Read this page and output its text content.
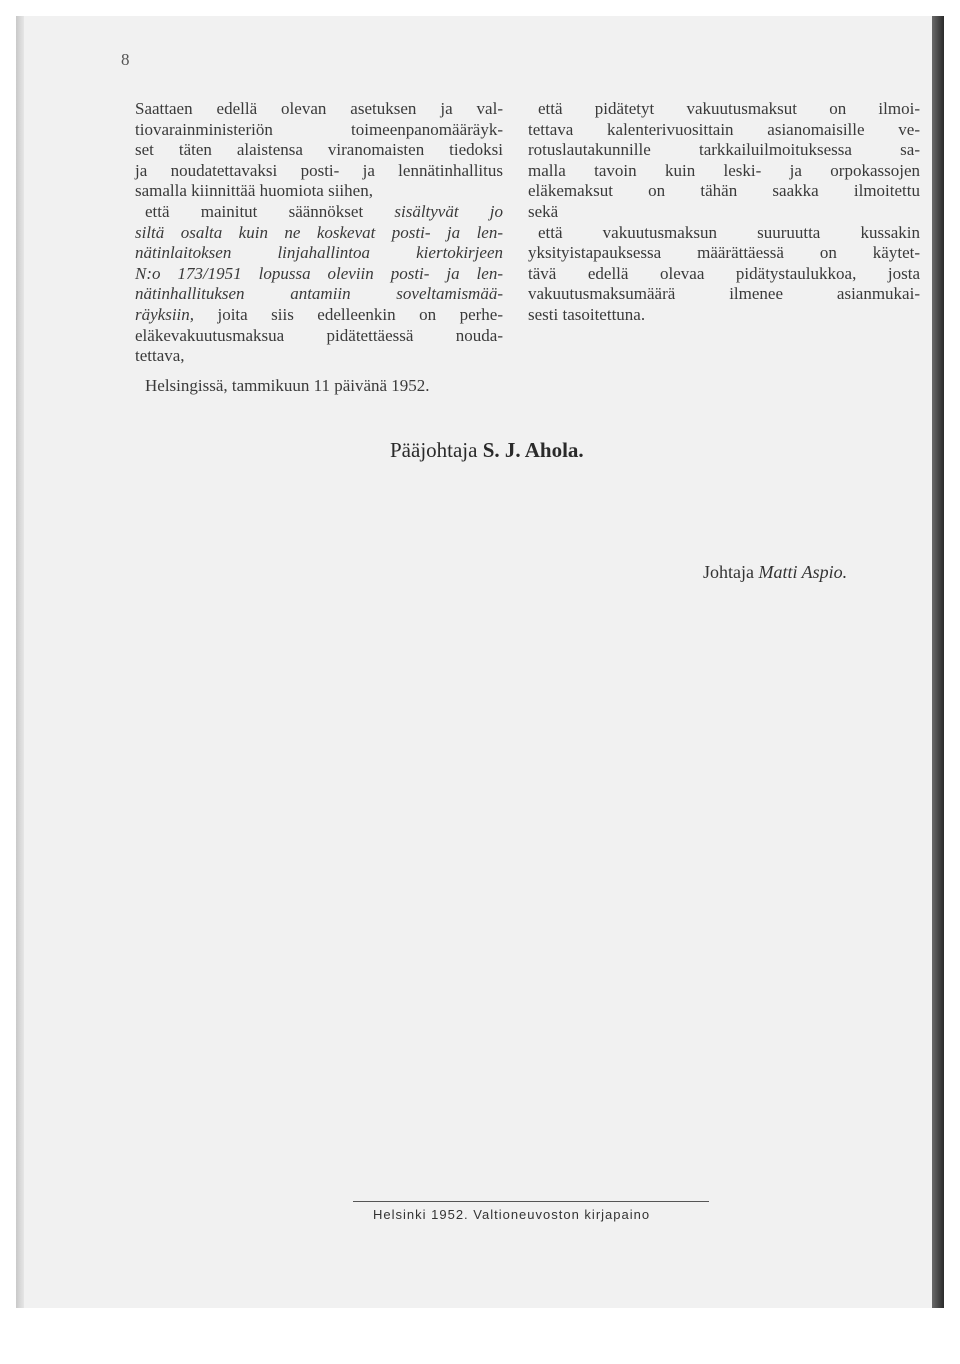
8
Saattaen edellä olevan asetuksen ja val-
tiovarainministeriön toimeenpanomääräyk-
set täten alaistensa viranomaisten tiedoksi
ja noudatettavaksi posti- ja lennätinhallitus
samalla kiinnittää huomiota siihen,
että mainitut säännökset sisältyvät jo
siltä osalta kuin ne koskevat posti- ja len-
nätinlaitoksen linjahallintoa kiertokirjeen
N:o 173/1951 lopussa oleviin posti- ja len-
nätinhallituksen antamiin soveltamismää-
räyksiin, joita siis edelleenkin on perhe-
eläkevakuutusmaksua pidätettäessä nouda-
tettava,
että pidätetyt vakuutusmaksut on ilmoi-
tettava kalenterivuosittain asianomaisille ve-
rotuslautakunnille tarkkailuilmoituksessa sa-
malla tavoin kuin leski- ja orpokassojen
eläkemaksut on tähän saakka ilmoitettu
sekä
että vakuutusmaksun suuruutta kussakin
yksityistapauksessa määrättäessä on käytet-
tävä edellä olevaa pidätystaulukkoa, josta
vakuutusmaksumäärä ilmenee asianmukai-
sesti tasoitettuna.
Helsingissä, tammikuun 11 päivänä 1952.
Pääjohtaja S. J. Ahola.
Johtaja Matti Aspio.
Helsinki 1952. Valtioneuvoston kirjapaino
